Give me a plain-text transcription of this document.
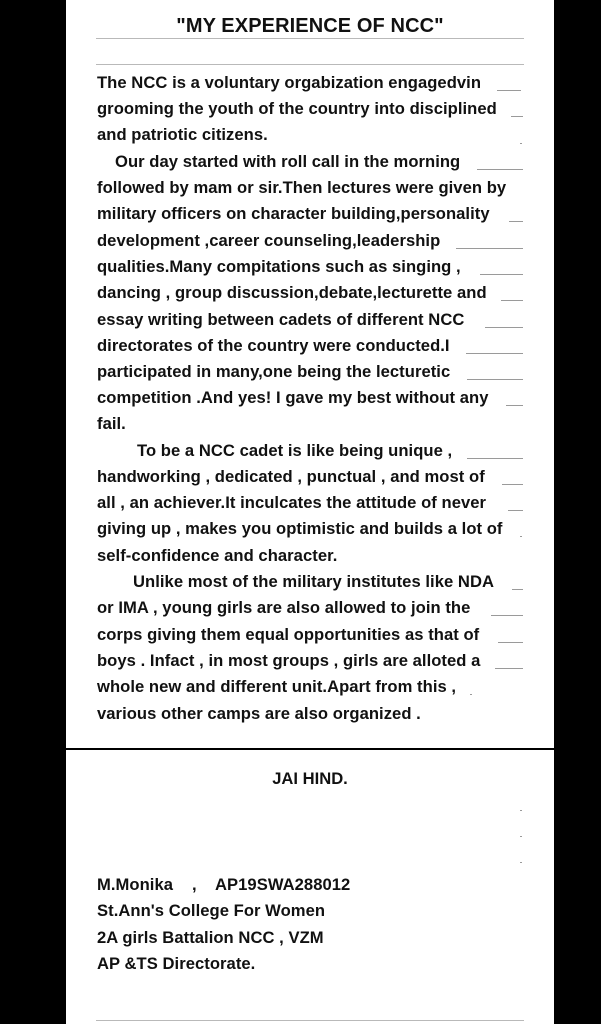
"MY EXPERIENCE OF NCC"
The NCC is a voluntary orgabization engagedvin
grooming the youth of the country into disciplined
and patriotic citizens.
Our day started with roll call in the morning
followed by mam or sir.Then lectures were given by
military officers on character building,personality
development ,career counseling,leadership
qualities.Many compitations such as singing ,
dancing , group discussion,debate,lecturette and
essay writing between cadets of different NCC
directorates of the country were conducted.I
participated in many,one being the lecturetic
competition .And yes! I gave my best without any
fail.
To be a NCC cadet is like being unique ,
handworking , dedicated , punctual , and most of
all , an achiever.It inculcates the attitude of never
giving up , makes you optimistic and builds a lot of
self-confidence and character.
Unlike most of the military institutes like NDA
or IMA , young girls are also allowed to join the
corps giving them equal opportunities as that of
boys . Infact , in most groups , girls are alloted a
whole new and different unit.Apart from this ,
various other camps are also organized .
JAI HIND.
M.Monika , AP19SWA288012
St.Ann's College For Women
2A girls Battalion NCC , VZM
AP &TS Directorate.
